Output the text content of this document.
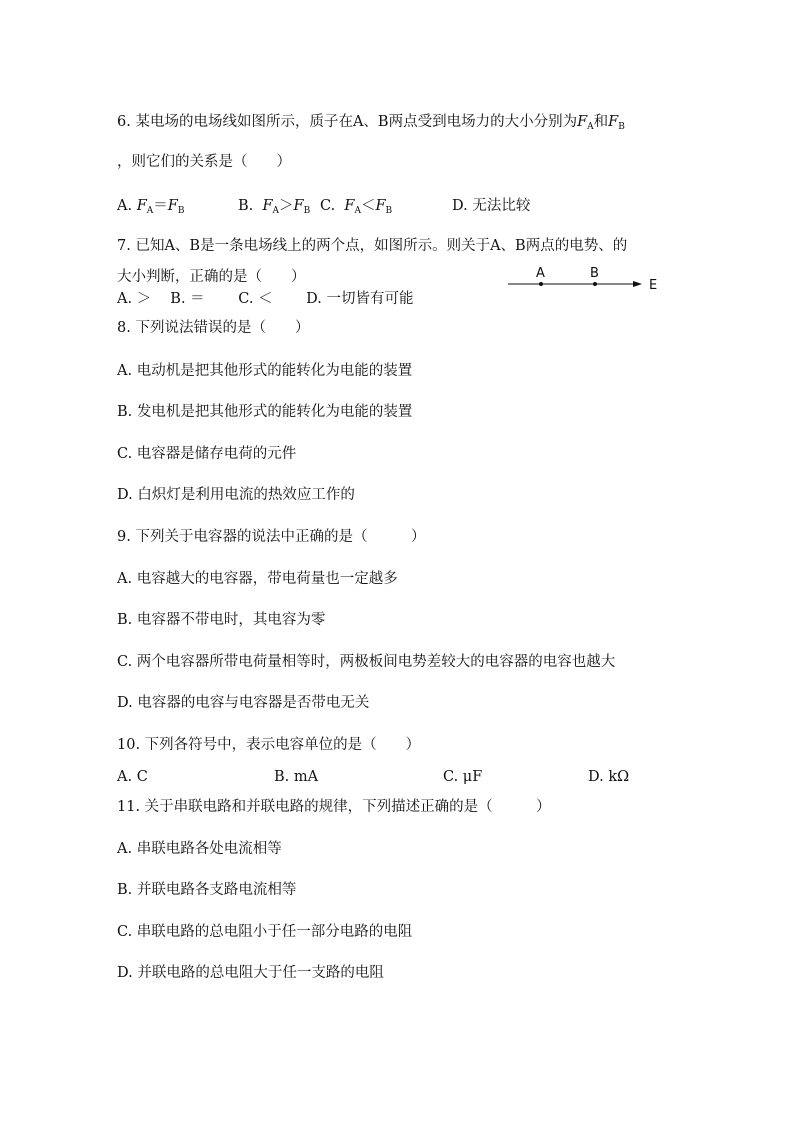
6. 某电场的电场线如图所示，质子在A、B两点受到电场力的大小分别为$F_A$和$F_B$
，则它们的关系是（　　）
A. $F_A=F_B$	B. $F_A>F_B$ C. $F_A<F_B$	D. 无法比较
7. 已知A、B是一条电场线上的两个点，如图所示。则关于A、B两点的电势、的
大小判断，正确的是（　　）
A. ＞　 B. ＝　　 C. ＜　　 D. 一切皆有可能
A	B
E
8. 下列说法错误的是（　　）
A. 电动机是把其他形式的能转化为电能的装置
B. 发电机是把其他形式的能转化为电能的装置
C. 电容器是储存电荷的元件
D. 白炽灯是利用电流的热效应工作的
9. 下列关于电容器的说法中正确的是（　　　）
A. 电容越大的电容器，带电荷量也一定越多
B. 电容器不带电时，其电容为零
C. 两个电容器所带电荷量相等时，两极板间电势差较大的电容器的电容也越大
D. 电容器的电容与电容器是否带电无关
10. 下列各符号中，表示电容单位的是（　　）
A. C	B. mA	C. μF	D. kΩ
11. 关于串联电路和并联电路的规律，下列描述正确的是（　　　）
A. 串联电路各处电流相等
B. 并联电路各支路电流相等
C. 串联电路的总电阻小于任一部分电路的电阻
D. 并联电路的总电阻大于任一支路的电阻
